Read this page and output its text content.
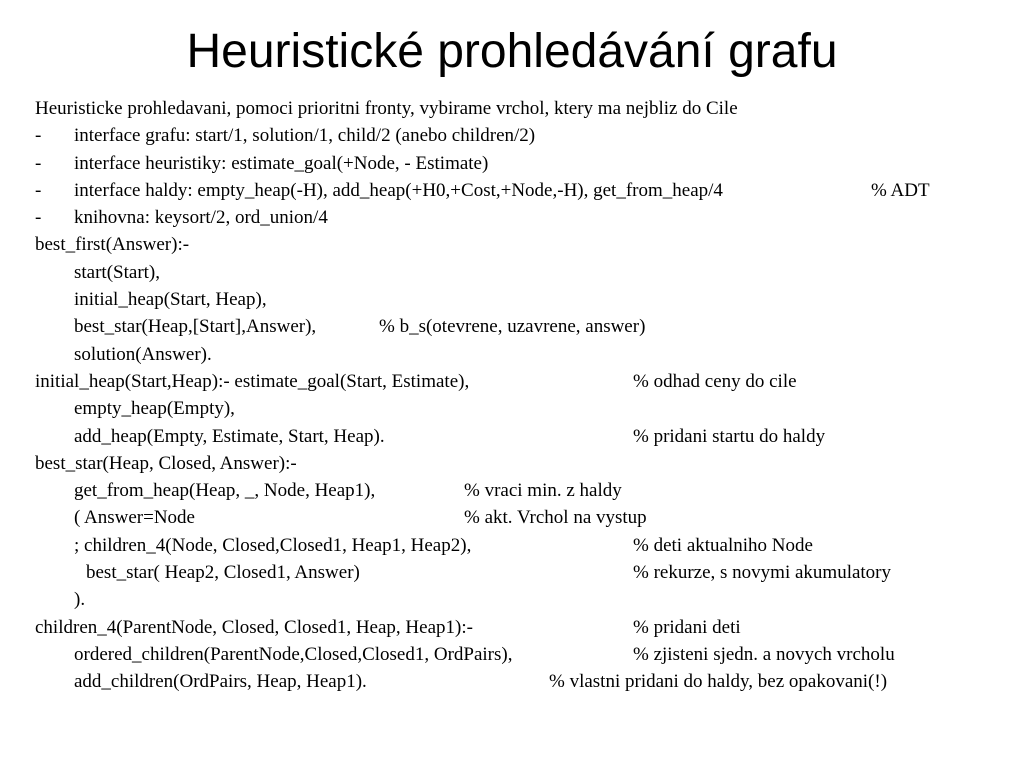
Heuristické prohledávání grafu
Heuristicke prohledavani, pomoci prioritni fronty, vybirame vrchol, ktery ma nejbliz do Cile
- interface grafu: start/1, solution/1, child/2 (anebo children/2)
- interface heuristiky: estimate_goal(+Node, - Estimate)
- interface haldy: empty_heap(-H), add_heap(+H0,+Cost,+Node,-H), get_from_heap/4	% ADT
- knihovna: keysort/2, ord_union/4
best_first(Answer):-
start(Start),
initial_heap(Start, Heap),
best_star(Heap,[Start],Answer),	% b_s(otevrene, uzavrene, answer)
solution(Answer).
initial_heap(Start,Heap):- estimate_goal(Start, Estimate),	% odhad ceny do cile
empty_heap(Empty),
add_heap(Empty, Estimate, Start, Heap).	% pridani startu do haldy
best_star(Heap, Closed, Answer):-
get_from_heap(Heap, _, Node, Heap1),	% vraci min. z haldy
( Answer=Node	% akt. Vrchol na vystup
; children_4(Node, Closed,Closed1, Heap1, Heap2),	% deti aktualniho Node
best_star( Heap2, Closed1, Answer)	% rekurze, s novymi akumulatory
).
children_4(ParentNode, Closed, Closed1, Heap, Heap1):-	% pridani deti
ordered_children(ParentNode,Closed,Closed1, OrdPairs),	% zjisteni sjedn. a novych vrcholu
add_children(OrdPairs, Heap, Heap1).	% vlastni pridani do haldy, bez opakovani(!)
